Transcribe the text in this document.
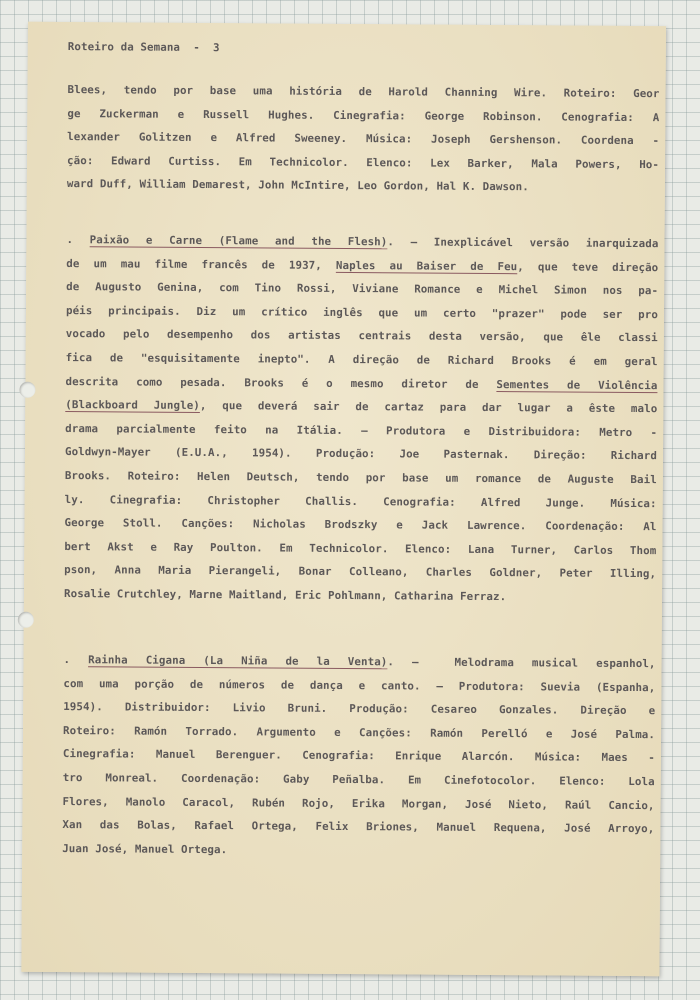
Roteiro da Semana  -  3
Blees, tendo por base uma história de Harold Channing Wire. Roteiro: Geor
ge Zuckerman e Russell Hughes. Cinegrafia: George Robinson. Cenografia: A
lexander Golitzen e Alfred Sweeney. Música: Joseph Gershenson. Coordena -
ção: Edward Curtiss. Em Technicolor. Elenco: Lex Barker, Mala Powers, Ho-
ward Duff, William Demarest, John McIntire, Leo Gordon, Hal K. Dawson.
. Paixão e Carne (Flame and the Flesh). — Inexplicável versão inarquizada
de um mau filme francês de 1937, Naples au Baiser de Feu, que teve direção
de Augusto Genina, com Tino Rossi, Viviane Romance e Michel Simon nos pa-
péis principais. Diz um crítico inglês que um certo "prazer" pode ser pro
vocado pelo desempenho dos artistas centrais desta versão, que êle classi
fica de "esquisitamente inepto". A direção de Richard Brooks é em geral
descrita como pesada. Brooks é o mesmo diretor de Sementes de Violência
(Blackboard Jungle), que deverá sair de cartaz para dar lugar a êste malo
drama parcialmente feito na Itália. — Produtora e Distribuidora: Metro -
Goldwyn-Mayer (E.U.A., 1954). Produção: Joe Pasternak. Direção: Richard
Brooks. Roteiro: Helen Deutsch, tendo por base um romance de Auguste Bail
ly. Cinegrafia: Christopher Challis. Cenografia: Alfred Junge. Música:
George Stoll. Canções: Nicholas Brodszky e Jack Lawrence. Coordenação: Al
bert Akst e Ray Poulton. Em Technicolor. Elenco: Lana Turner, Carlos Thom
pson, Anna Maria Pierangeli, Bonar Colleano, Charles Goldner, Peter Illing,
Rosalie Crutchley, Marne Maitland, Eric Pohlmann, Catharina Ferraz.
. Rainha Cigana (La Niña de la Venta). —  Melodrama musical espanhol,
com uma porção de números de dança e canto. — Produtora: Suevia (Espanha,
1954). Distribuidor: Livio Bruni. Produção: Cesareo Gonzales. Direção e
Roteiro: Ramón Torrado. Argumento e Canções: Ramón Perelló e José Palma.
Cinegrafia: Manuel Berenguer. Cenografia: Enrique Alarcón. Música: Maes -
tro Monreal. Coordenação: Gaby Peñalba. Em Cinefotocolor. Elenco: Lola
Flores, Manolo Caracol, Rubén Rojo, Erika Morgan, José Nieto, Raúl Cancio,
Xan das Bolas, Rafael Ortega, Felix Briones, Manuel Requena, José Arroyo,
Juan José, Manuel Ortega.
